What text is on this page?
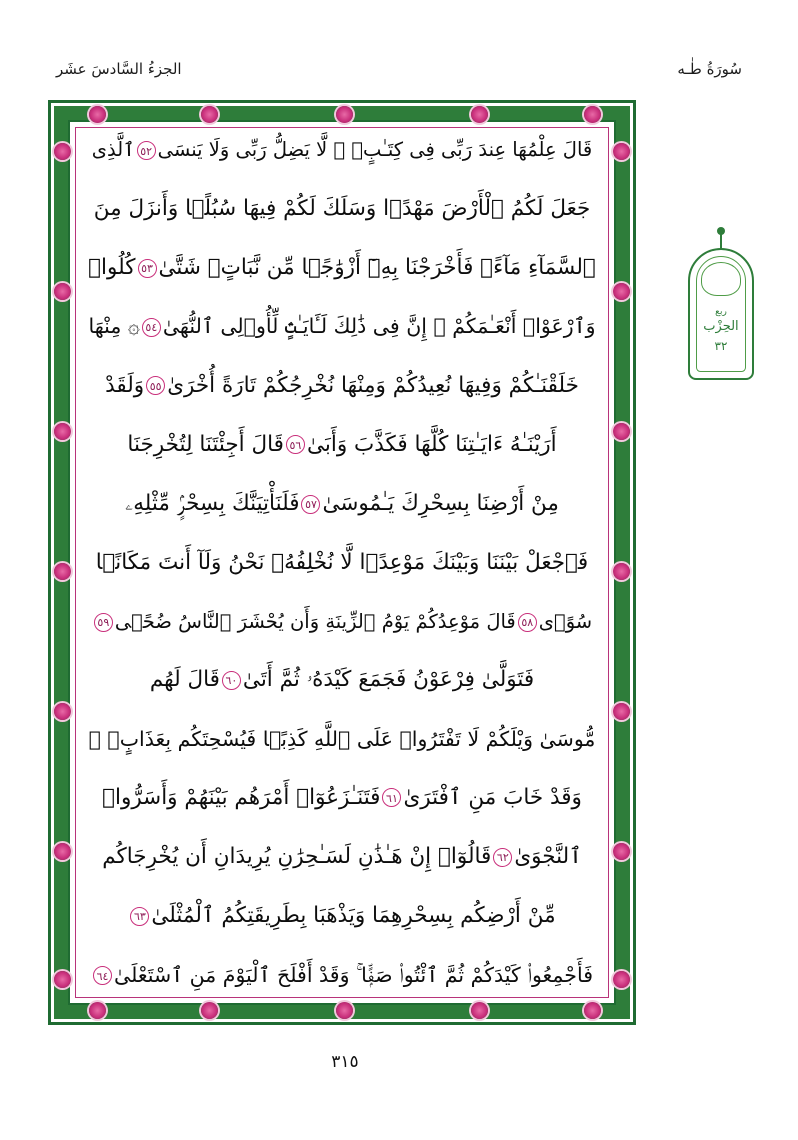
الجزءُ السَّادسَ عشَر	سُورَةُ طٰـه
قَالَ عِلْمُهَا عِندَ رَبِّى فِى كِتَـٰبٍۢ ۖ لَّا يَضِلُّ رَبِّى وَلَا يَنسَى٥٢ٱلَّذِى
جَعَلَ لَكُمُ ٱلْأَرْضَ مَهْدًۭا وَسَلَكَ لَكُمْ فِيهَا سُبُلًۭا وَأَنزَلَ مِنَ
ٱلسَّمَآءِ مَآءًۭ فَأَخْرَجْنَا بِهِۦٓ أَزْوَٰجًۭا مِّن نَّبَاتٍۢ شَتَّىٰ٥٣كُلُوا۟
وَٱرْعَوْا۟ أَنْعَـٰمَكُمْ ۗ إِنَّ فِى ذَٰلِكَ لَـَٔايَـٰتٍۢ لِّأُو۟لِى ٱلنُّهَىٰ٥٤۞ مِنْهَا
خَلَقْنَـٰكُمْ وَفِيهَا نُعِيدُكُمْ وَمِنْهَا نُخْرِجُكُمْ تَارَةً أُخْرَىٰ٥٥وَلَقَدْ
أَرَيْنَـٰهُ ءَايَـٰتِنَا كُلَّهَا فَكَذَّبَ وَأَبَىٰ٥٦قَالَ أَجِئْتَنَا لِتُخْرِجَنَا
مِنْ أَرْضِنَا بِسِحْرِكَ يَـٰمُوسَىٰ٥٧فَلَنَأْتِيَنَّكَ بِسِحْرٍۢ مِّثْلِهِۦ
فَٱجْعَلْ بَيْنَنَا وَبَيْنَكَ مَوْعِدًۭا لَّا نُخْلِفُهُۥ نَحْنُ وَلَآ أَنتَ مَكَانًۭا
سُوًۭى٥٨قَالَ مَوْعِدُكُمْ يَوْمُ ٱلزِّينَةِ وَأَن يُحْشَرَ ٱلنَّاسُ ضُحًۭى٥٩
فَتَوَلَّىٰ فِرْعَوْنُ فَجَمَعَ كَيْدَهُۥ ثُمَّ أَتَىٰ٦٠قَالَ لَهُم
مُّوسَىٰ وَيْلَكُمْ لَا تَفْتَرُوا۟ عَلَى ٱللَّهِ كَذِبًۭا فَيُسْحِتَكُم بِعَذَابٍۢ ۖ
وَقَدْ خَابَ مَنِ ٱفْتَرَىٰ٦١فَتَنَـٰزَعُوٓا۟ أَمْرَهُم بَيْنَهُمْ وَأَسَرُّوا۟
ٱلنَّجْوَىٰ٦٢قَالُوٓا۟ إِنْ هَـٰذَٰنِ لَسَـٰحِرَٰنِ يُرِيدَانِ أَن يُخْرِجَاكُم
مِّنْ أَرْضِكُم بِسِحْرِهِمَا وَيَذْهَبَا بِطَرِيقَتِكُمُ ٱلْمُثْلَىٰ٦٣
فَأَجْمِعُوا۟ كَيْدَكُمْ ثُمَّ ٱئْتُوا۟ صَفًّۭا ۚ وَقَدْ أَفْلَحَ ٱلْيَوْمَ مَنِ ٱسْتَعْلَىٰ٦٤
ربع
الحِزْب
٣٢
٣١٥
